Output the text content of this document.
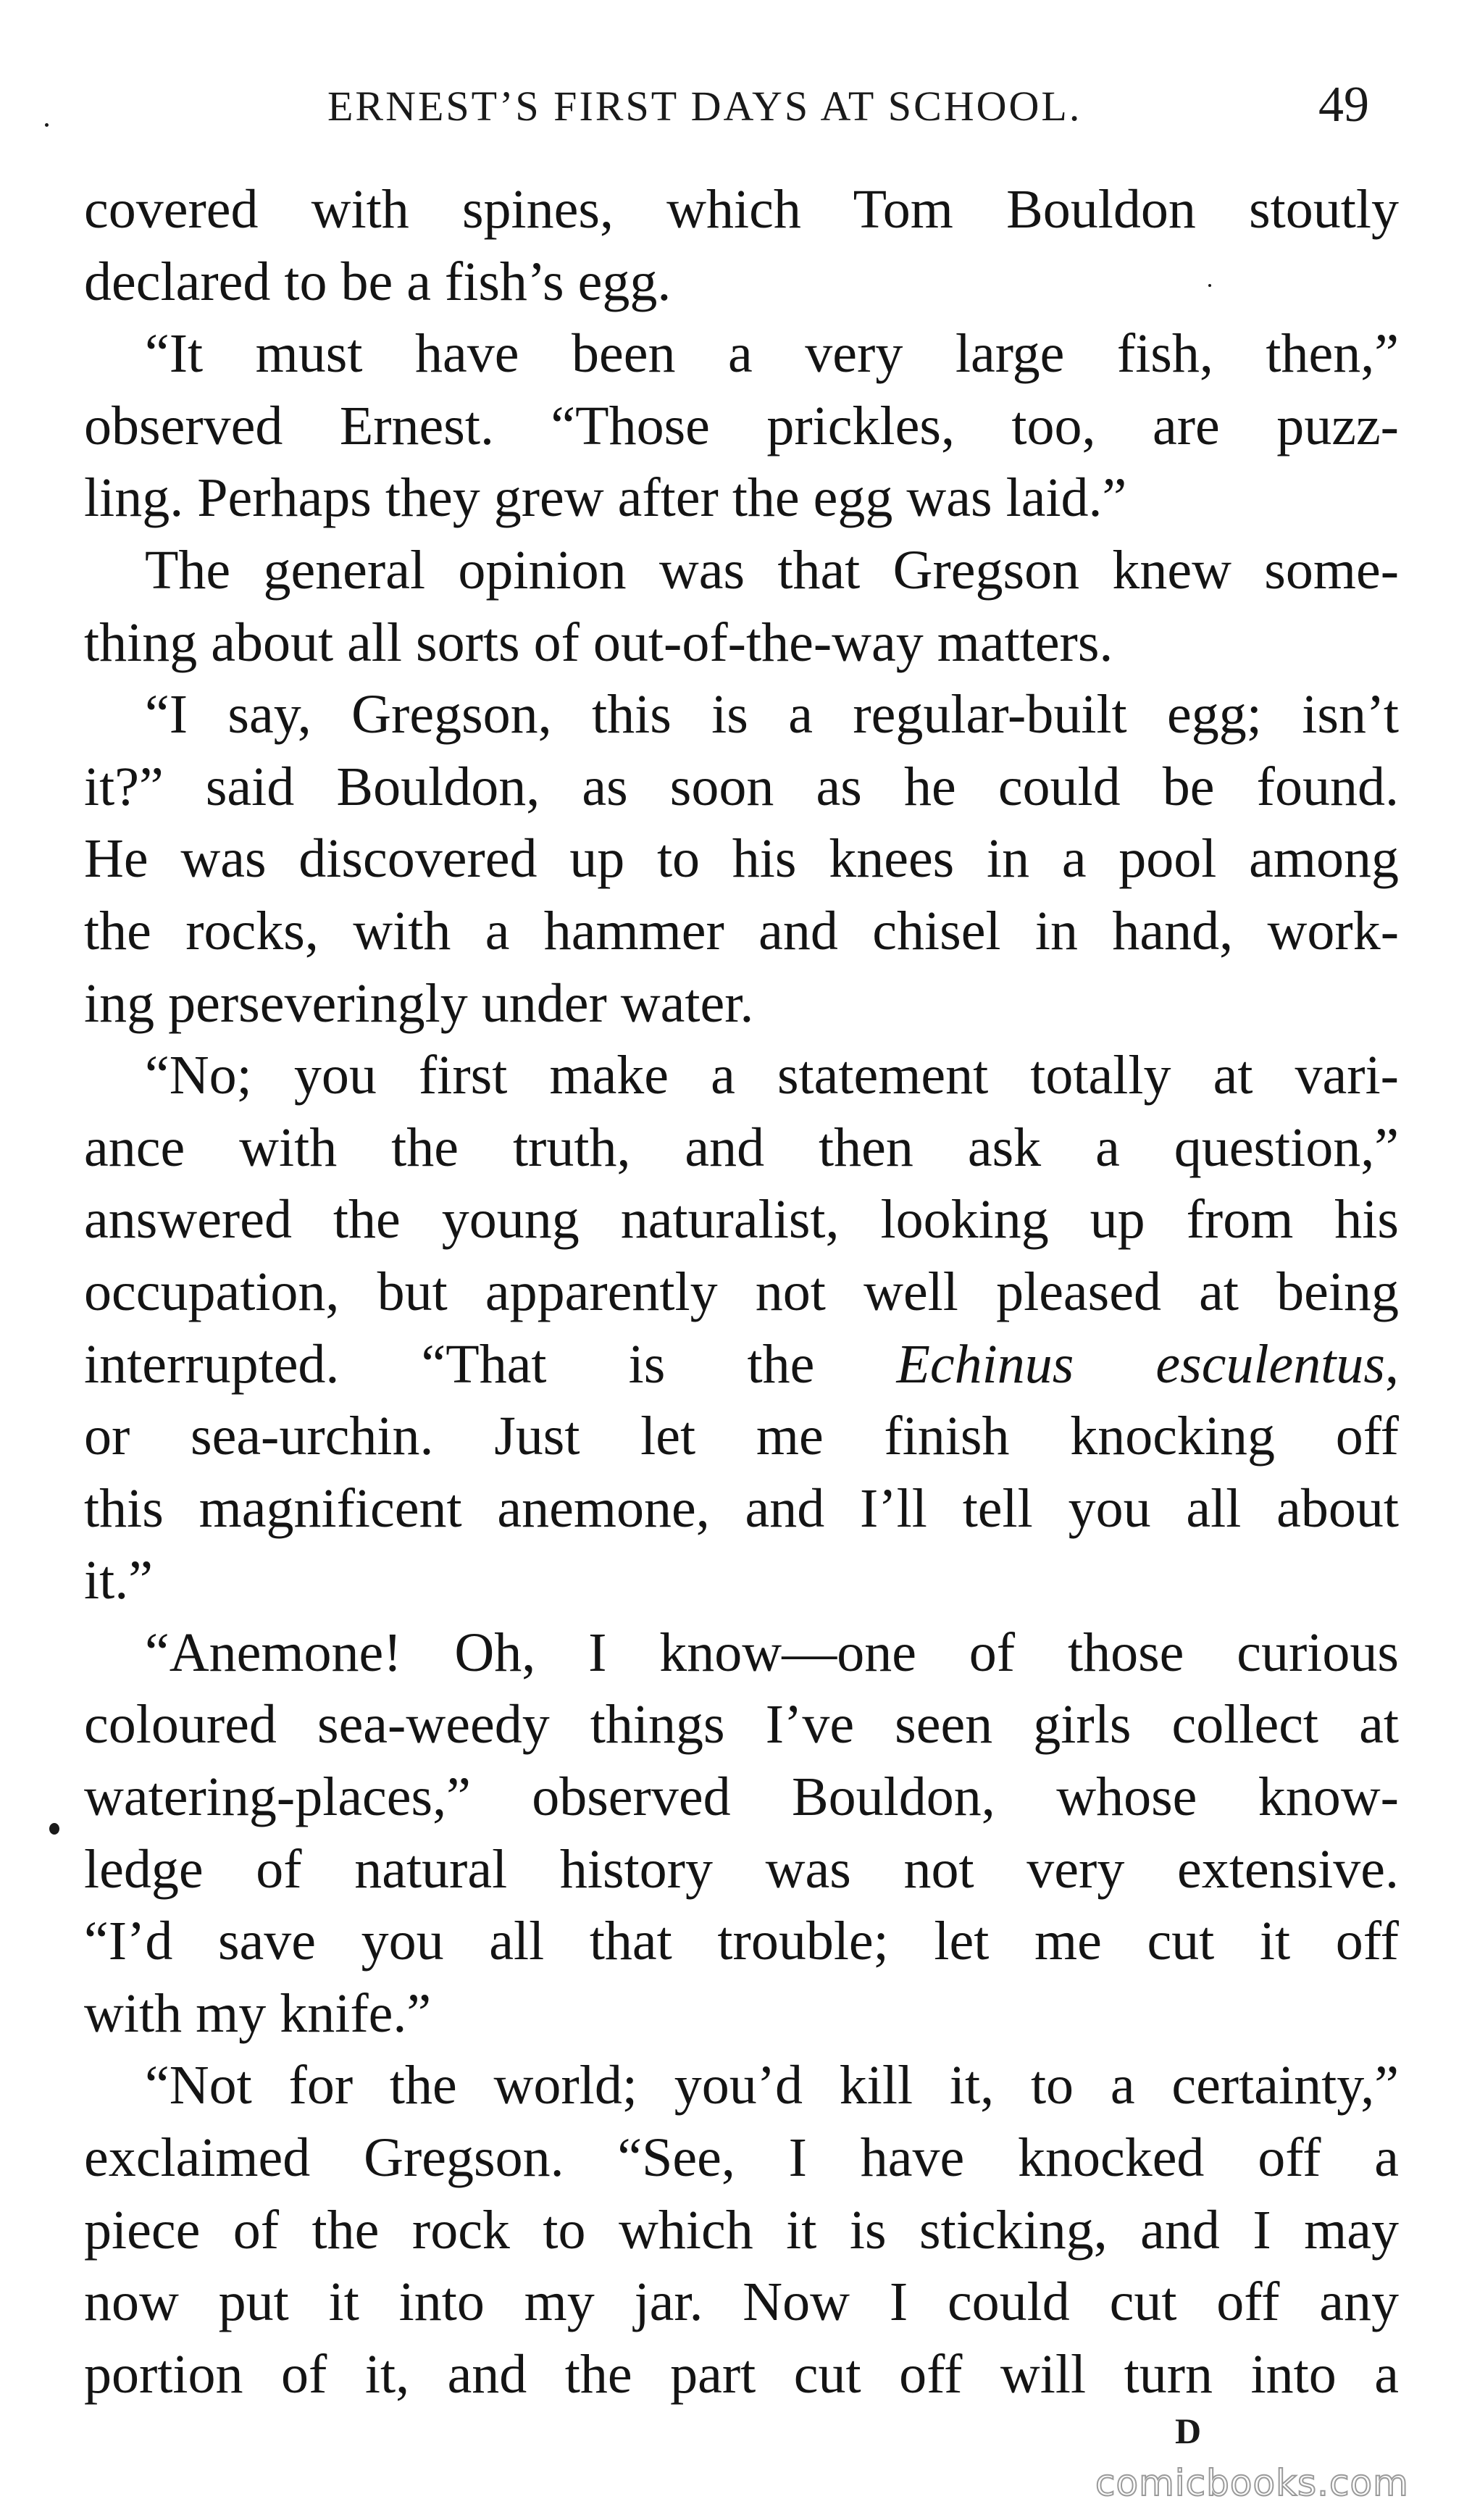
ERNEST’S FIRST DAYS AT SCHOOL.	49
covered with spines, which Tom Bouldon stoutly
declared to be a fish’s egg.
“It must have been a very large fish, then,”
observed Ernest. “Those prickles, too, are puzz-
ling. Perhaps they grew after the egg was laid.”
The general opinion was that Gregson knew some-
thing about all sorts of out-of-the-way matters.
“I say, Gregson, this is a regular-built egg; isn’t
it?” said Bouldon, as soon as he could be found.
He was discovered up to his knees in a pool among
the rocks, with a hammer and chisel in hand, work-
ing perseveringly under water.
“No; you first make a statement totally at vari-
ance with the truth, and then ask a question,”
answered the young naturalist, looking up from his
occupation, but apparently not well pleased at being
interrupted. “That is the Echinus esculentus,
or sea-urchin. Just let me finish knocking off
this magnificent anemone, and I’ll tell you all about
it.”
“Anemone! Oh, I know—one of those curious
coloured sea-weedy things I’ve seen girls collect at
watering-places,” observed Bouldon, whose know-
ledge of natural history was not very extensive.
“I’d save you all that trouble; let me cut it off
with my knife.”
“Not for the world; you’d kill it, to a certainty,”
exclaimed Gregson. “See, I have knocked off a
piece of the rock to which it is sticking, and I may
now put it into my jar. Now I could cut off any
portion of it, and the part cut off will turn into a
D
comicbooks.com
